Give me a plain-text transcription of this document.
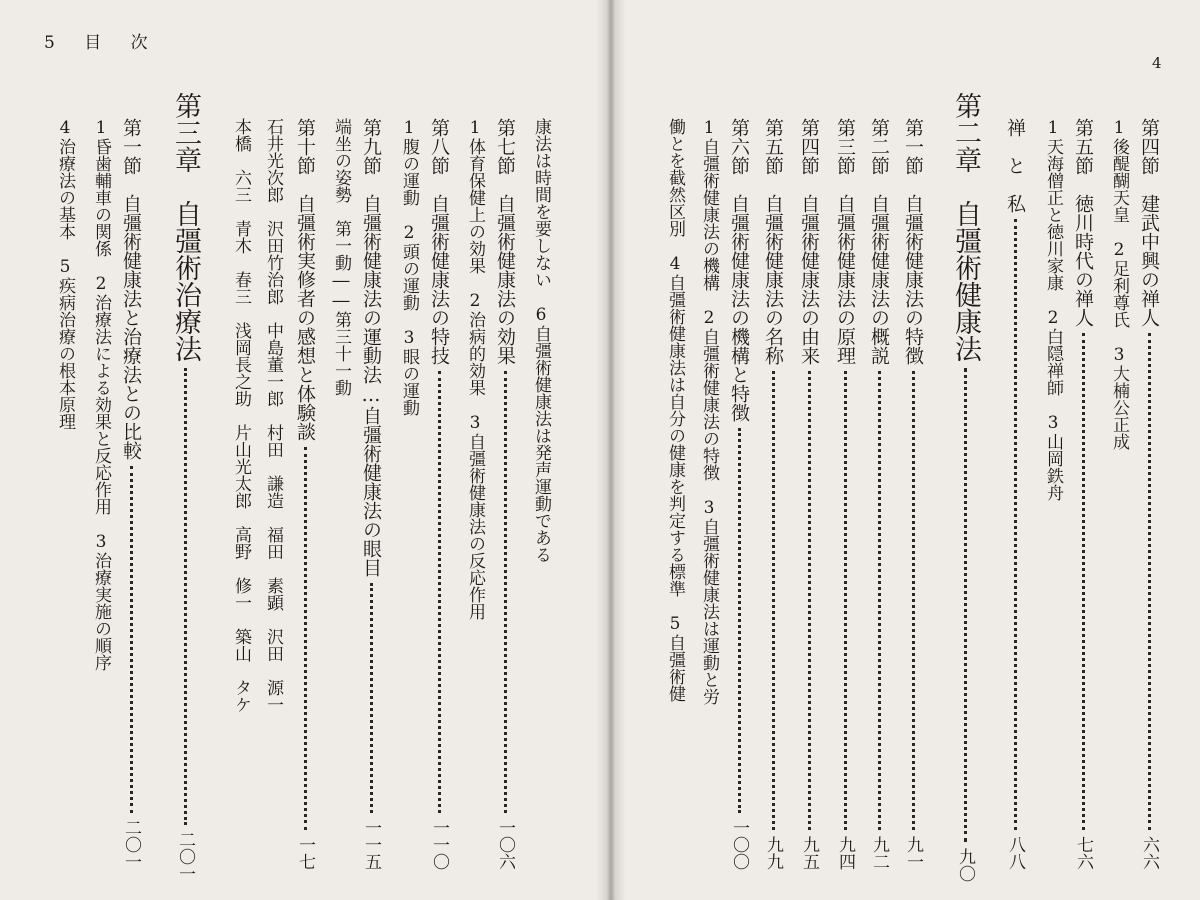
5 目 次
4
康法は時間を要しない　6自彊術健康法は発声運動である
第七節　自彊術健康法の効果
一〇六
1体育保健上の効果　2治病的効果　3自彊術健康法の反応作用
第八節　自彊術健康法の特技
一一〇
1腹の運動　2頭の運動　3眼の運動
第九節　自彊術健康法の運動法…自彊術健康法の眼目
一一五
端坐の姿勢　第一動――第三十一動
第十節　自彊術実修者の感想と体験談
一七
石井光次郎　沢田竹治郎　中島董一郎　村田　謙造　福田　素顕　沢田　源一
本橋　六三　青木　春三　浅岡長之助　片山光太郎　高野　修一　築山　タケ
第三章　自彊術治療法
二〇一
第一節　自彊術健康法と治療法との比較
二〇一
1昏歯輔車の関係　2治療法による効果と反応作用　3治療実施の順序
4治療法の基本　5疾病治療の根本原理	第四節　建武中興の禅人
六六
1後醍醐天皇　2足利尊氏　3大楠公正成
第五節　徳川時代の禅人
七六
1天海僧正と徳川家康　2白隠禅師　3山岡鉄舟
禅　と　私
八八
第二章　自彊術健康法
九〇
第一節　自彊術健康法の特徴
九一
第二節　自彊術健康法の概説
九二
第三節　自彊術健康法の原理
九四
第四節　自彊術健康法の由来
九五
第五節　自彊術健康法の名称
九九
第六節　自彊術健康法の機構と特徴
一〇〇
1自彊術健康法の機構　2自彊術健康法の特徴　3自彊術健康法は運動と労
働とを截然区別　4自彊術健康法は自分の健康を判定する標準　5自彊術健
